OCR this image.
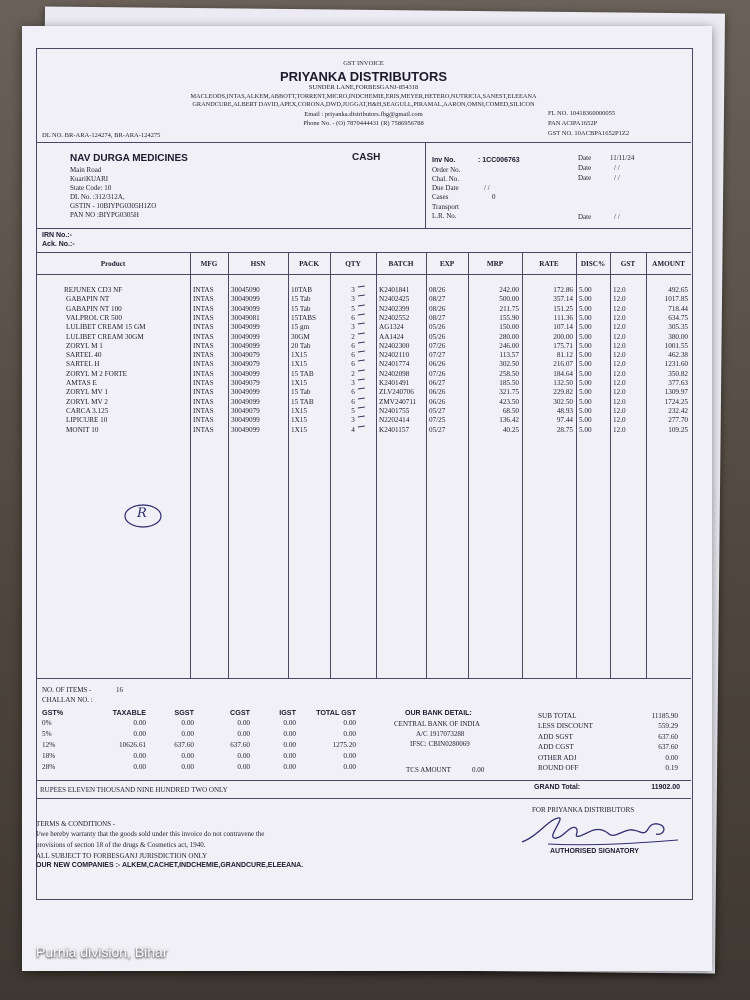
GST INVOICE
PRIYANKA DISTRIBUTORS
SUNDER LANE,FORBESGANJ-854318
MACLEODS,INTAS,ALKEM,ABBOTT,TORRENT,MICRO,INDCHEMIE,ERIS,MEYER,HETERO,NUTRICIA,SANEST,ELEEANA
GRANDCURE,ALBERT DAVID,APEX,CORONA,DWD,JUGGAT,H&H,SEAGULL,PIRAMAL,AARON,OMNI,COMED,SILICON
Email : priyanka.distributors.fbg@gmail.com
Phone No. - (O) 7870444431 (R) 7586956788
DL NO. BR-ARA-124274, BR-ARA-124275
FL NO. 10418360000055
PAN ACIPA1652P
GST NO. 10ACBPA1652P1Z2
NAV DURGA MEDICINES	CASH
Main Road
KuariKUARI
State Code: 10
DL No. :312/312A,
GSTIN - 10BIYPG0305H1ZO
PAN NO :BIYPG0305H
Inv No.	: 1CC006763
Order No.
Chal. No.
Due Date	/ /
Cases	0
Transport
L.R. No.
Date	11/11/24
Date	/ /
Date	/ /
Date	/ /
IRN No.:-
Ack. No.:-
Product	MFG	HSN	PACK	QTY	BATCH	EXP	MRP	RATE	DISC%	GST	AMOUNT
REJUNEX CD3 NF	INTAS	30045090	10TAB	3	K2401841	08/26	242.00	172.86 5.00	12.0	492.65
GABAPIN NT	INTAS	30049099	15 Tab	3	N2402425	08/27	500.00	357.14 5.00	12.0	1017.85
GABAPIN NT 100	INTAS	30049099	15 Tab	5	N2402399	08/26	211.75	151.25 5.00	12.0	718.44
VALPROL CR 500	INTAS	30049081	15TABS	6	N2402552	08/27	155.90	111.36 5.00	12.0	634.75
LULIBET CREAM 15 GM	INTAS	30049099	15 gm	3	AG1324	05/26	150.00	107.14 5.00	12.0	305.35
LULIBET CREAM 30GM	INTAS	30049099	30GM	2	AA1424	05/26	280.00	200.00 5.00	12.0	380.00
ZORYL M 1	INTAS	30049099	20 Tab	6	N2402300	07/26	246.00	175.71 5.00	12.0	1001.55
SARTEL 40	INTAS	30049079	1X15	6	N2402110	07/27	113.57	81.12 5.00	12.0	462.38
SARTEL H	INTAS	30049079	1X15	6	N2401774	06/26	302.50	216.07 5.00	12.0	1231.60
ZORYL M 2 FORTE	INTAS	30049099	15 TAB	2	N2402098	07/26	258.50	184.64 5.00	12.0	350.82
AMTAS E	INTAS	30049079	1X15	3	K2401491	06/27	185.50	132.50 5.00	12.0	377.63
ZORYL MV 1	INTAS	30049099	15 Tab	6	ZLV240706	06/26	321.75	229.82 5.00	12.0	1309.97
ZORYL MV 2	INTAS	30049099	15 TAB	6	ZMV240711	06/26	423.50	302.50 5.00	12.0	1724.25
CARCA 3.125	INTAS	30049079	1X15	5	N2401755	05/27	68.50	48.93 5.00	12.0	232.42
LIPICURE 10	INTAS	30049099	1X15	3	N2202414	07/25	136.42	97.44 5.00	12.0	277.70
MONIT 10	INTAS	30049099	1X15	4	K2401157	05/27	40.25	28.75 5.00	12.0	109.25
NO. OF ITEMS -	16
CHALLAN NO. :
GST%	TAXABLE	SGST	CGST	IGST	TOTAL GST
0%	0.00	0.00	0.00	0.00	0.00
5%	0.00	0.00	0.00	0.00	0.00
12%	10626.61	637.60	637.60	0.00	1275.20
18%	0.00	0.00	0.00	0.00	0.00
28%	0.00	0.00	0.00	0.00	0.00
OUR BANK DETAIL:
CENTRAL BANK OF INDIA
A/C 1917073288
IFSC: CBIN0280069
TCS AMOUNT	0.00
SUB TOTAL	11185.90
LESS DISCOUNT	559.29
ADD SGST	637.60
ADD CGST	637.60
OTHER ADJ	0.00
ROUND OFF	0.19
RUPEES ELEVEN THOUSAND NINE HUNDRED TWO ONLY	GRAND Total:	11902.00
TERMS & CONDITIONS -
I/we hereby warranty that the goods sold under this invoice do not contravene the
provisions of section 18 of the drugs & Cosmetics act, 1940.
ALL SUBJECT TO FORBESGANJ JURISDICTION ONLY
OUR NEW COMPANIES :- ALKEM,CACHET,INDCHEMIE,GRANDCURE,ELEEANA.
FOR PRIYANKA DISTRIBUTORS
AUTHORISED SIGNATORY
R
Purnia division, Bihar
